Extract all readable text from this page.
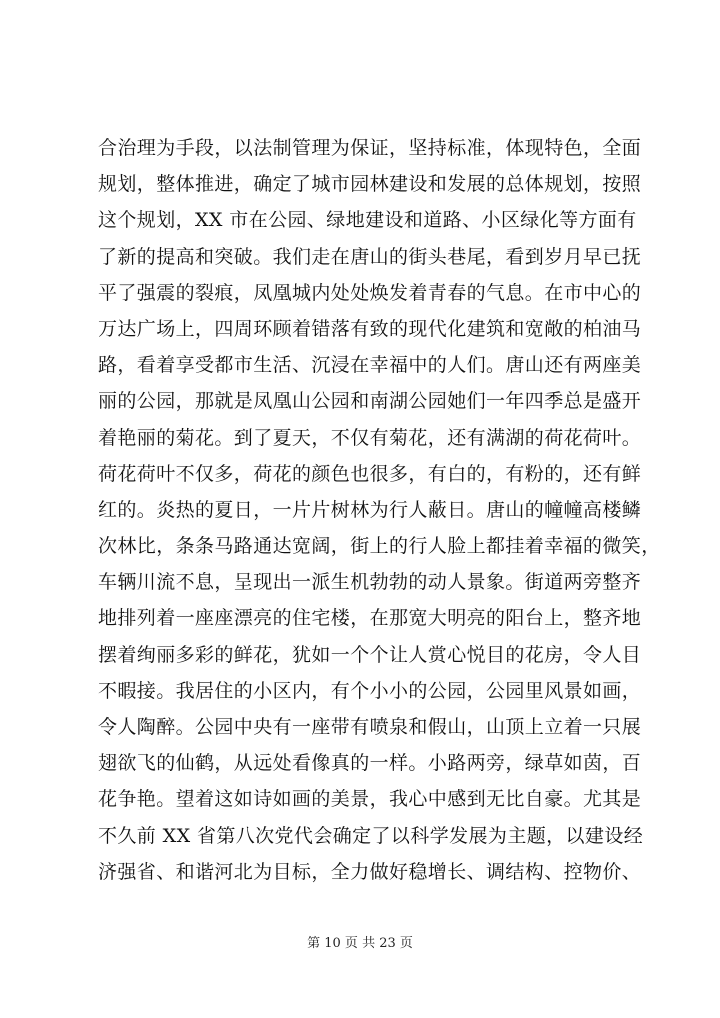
合治理为手段，以法制管理为保证，坚持标准，体现特色，全面
规划，整体推进，确定了城市园林建设和发展的总体规划，按照
这个规划，XX 市在公园、绿地建设和道路、小区绿化等方面有
了新的提高和突破。我们走在唐山的街头巷尾，看到岁月早已抚
平了强震的裂痕，凤凰城内处处焕发着青春的气息。在市中心的
万达广场上，四周环顾着错落有致的现代化建筑和宽敞的柏油马
路，看着享受都市生活、沉浸在幸福中的人们。唐山还有两座美
丽的公园，那就是凤凰山公园和南湖公园她们一年四季总是盛开
着艳丽的菊花。到了夏天，不仅有菊花，还有满湖的荷花荷叶。
荷花荷叶不仅多，荷花的颜色也很多，有白的，有粉的，还有鲜
红的。炎热的夏日，一片片树林为行人蔽日。唐山的幢幢高楼鳞
次林比，条条马路通达宽阔，街上的行人脸上都挂着幸福的微笑，
车辆川流不息，呈现出一派生机勃勃的动人景象。街道两旁整齐
地排列着一座座漂亮的住宅楼，在那宽大明亮的阳台上，整齐地
摆着绚丽多彩的鲜花，犹如一个个让人赏心悦目的花房，令人目
不暇接。我居住的小区内，有个小小的公园，公园里风景如画，
令人陶醉。公园中央有一座带有喷泉和假山，山顶上立着一只展
翅欲飞的仙鹤，从远处看像真的一样。小路两旁，绿草如茵，百
花争艳。望着这如诗如画的美景，我心中感到无比自豪。尤其是
不久前 XX 省第八次党代会确定了以科学发展为主题，以建设经
济强省、和谐河北为目标，全力做好稳增长、调结构、控物价、
第 10 页 共 23 页
